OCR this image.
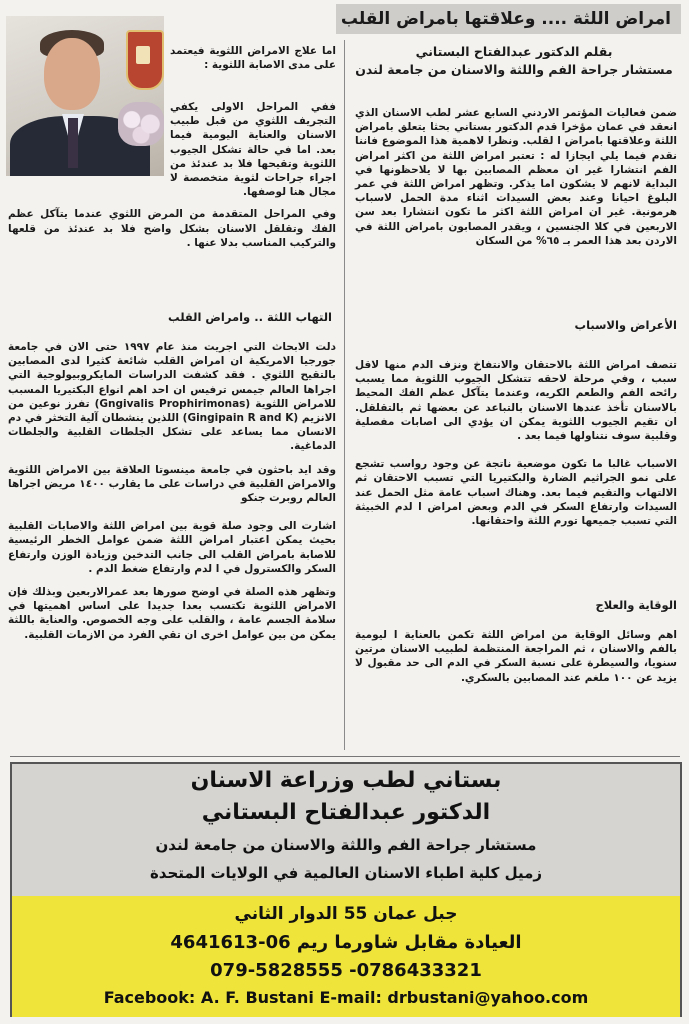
امراض اللثة .... وعلاقتها بامراض القلب
بقلم الدكتور عبدالفتاح البستاني
مستشار جراحة الفم واللثة والاسنان من جامعة لندن

ضمن فعاليات المؤتمر الاردني السابع عشر لطب الاسنان الذي انعقد في عمان مؤخرا قدم الدكتور بستاني بحثا يتعلق بامراض اللثة وعلاقتها بامراض ا لقلب. ونظرا لاهمية هذا الموضوع فاننا نقدم فيما يلي ايجازا له : تعتبر امراض اللثة من اكثر امراض الفم انتشارا غير ان معظم المصابين بها لا يلاحظونها في البداية لانهم لا يشكون اما يذكر. وتظهر امراض اللثة في عمر البلوغ احيانا وعند بعض السيدات اثناء مدة الحمل لاسباب هرمونية. غير ان امراض اللثة اكثر ما تكون انتشارا بعد سن الاربعين في كلا الجنسين ، ويقدر المصابون بامراض اللثة في الاردن بعد هذا العمر بـ ٦٥% من السكان

الأعراض والاسباب

تتصف امراض اللثة بالاحتقان والانتفاخ ونزف الدم منها لاقل سبب ، وفي مرحلة لاحقه تتشكل الجيوب اللثوية مما يسبب رائحه الفم والطعم الكريه، وعندما يتآكل عظم الفك المحيط بالاسنان تأخذ عندها الاسنان بالتباعد عن بعضها ثم بالتقلقل. ان تقيم الجيوب اللثوية يمكن ان يؤدي الى اصابات مفصلية وقلبية سوف نتناولها فيما بعد .

الاسباب غالبا ما تكون موضعية ناتجة عن وجود رواسب تشجع على نمو الجراثيم الضارة والبكتيريا التي تسبب الاحتقان ثم الالتهاب والتقيم فيما بعد. وهناك اسباب عامة مثل الحمل عند السيدات وارتفاع السكر في الدم وبعض امراض ا لدم الخبيثة التي تسبب جميعها تورم اللثة واحتقانها.

الوقاية والعلاج

اهم وسائل الوقاية من امراض اللثة تكمن بالعناية ا ليومية بالفم والاسنان ، ثم المراجعة المنتظمة لطبيب الاسنان مرتين سنويا، والسيطرة على نسبة السكر في الدم الى حد مقبول لا يزيد عن ١٠٠ ملغم عند المصابين بالسكري.

اما علاج الامراض اللثوية فيعتمد على مدى الاصابة اللثوية :

ففي المراحل الاولى يكفي التجريف اللثوي من قبل طبيب الاسنان والعناية اليومية فيما بعد. اما في حالة تشكل الجيوب اللثوية وتقيحها فلا بد عندئذ من اجراء جراحات لثوية متخصصة لا مجال هنا لوصفها.

وفي المراحل المتقدمة من المرض اللثوي عندما يتآكل عظم الفك وتقلقل الاسنان بشكل واضح فلا بد عندئذ من قلعها والتركيب المناسب بدلا عنها .

التهاب اللثة .. وامراض القلب

دلت الابحاث التي اجريت منذ عام ١٩٩٧ حتى الان في جامعة جورجيا الامريكية ان امراض القلب شائعة كثيرا لدى المصابين بالتقيح اللثوي . فقد كشفت الدراسات المايكروبيولوجية التي اجراها العالم جيمس ترفيس ان احد اهم انواع البكتيريا المسبب للامراض اللثوية (Gngivalis Prophirimonas) تفرز نوعين من الانزيم (Gingipain R and K) اللذين ينشطان آلية التخثر في دم الانسان مما يساعد على تشكل الجلطات القلبية والجلطات الدماغية.

وقد ايد باحثون في جامعة مينسوتا العلاقة بين الامراض اللثوية والامراض القلبية في دراسات على ما يقارب ١٤٠٠ مريض اجراها العالم روبرت جنكو

اشارت الى وجود صلة قوية بين امراض اللثة والاصابات القلبية بحيث يمكن اعتبار امراض اللثة ضمن عوامل الخطر الرئيسية للاصابة بامراض القلب الى جانب التدخين وزيادة الوزن وارتفاع السكر والكسترول في ا لدم وارتفاع ضغط الدم .

وتظهر هذه الصلة في اوضح صورها بعد عمرالاربعين وبذلك فإن الامراض اللثوية تكتسب بعدا جديدا على اساس اهميتها في سلامة الجسم عامة ، والقلب على وجه الخصوص. والعناية باللثة يمكن من بين عوامل اخرى ان تقي الفرد من الازمات القلبية.

بستاني لطب وزراعة الاسنان
الدكتور عبدالفتاح البستاني
مستشار جراحة الفم واللثة والاسنان من جامعة لندن
زميل كلية اطباء الاسنان العالمية في الولايات المتحدة
جبل عمان 55 الدوار الثاني
العيادة مقابل شاورما ريم 06-4641613
079-5828555 -0786433321
Facebook: A. F. Bustani E-mail: drbustani@yahoo.com
